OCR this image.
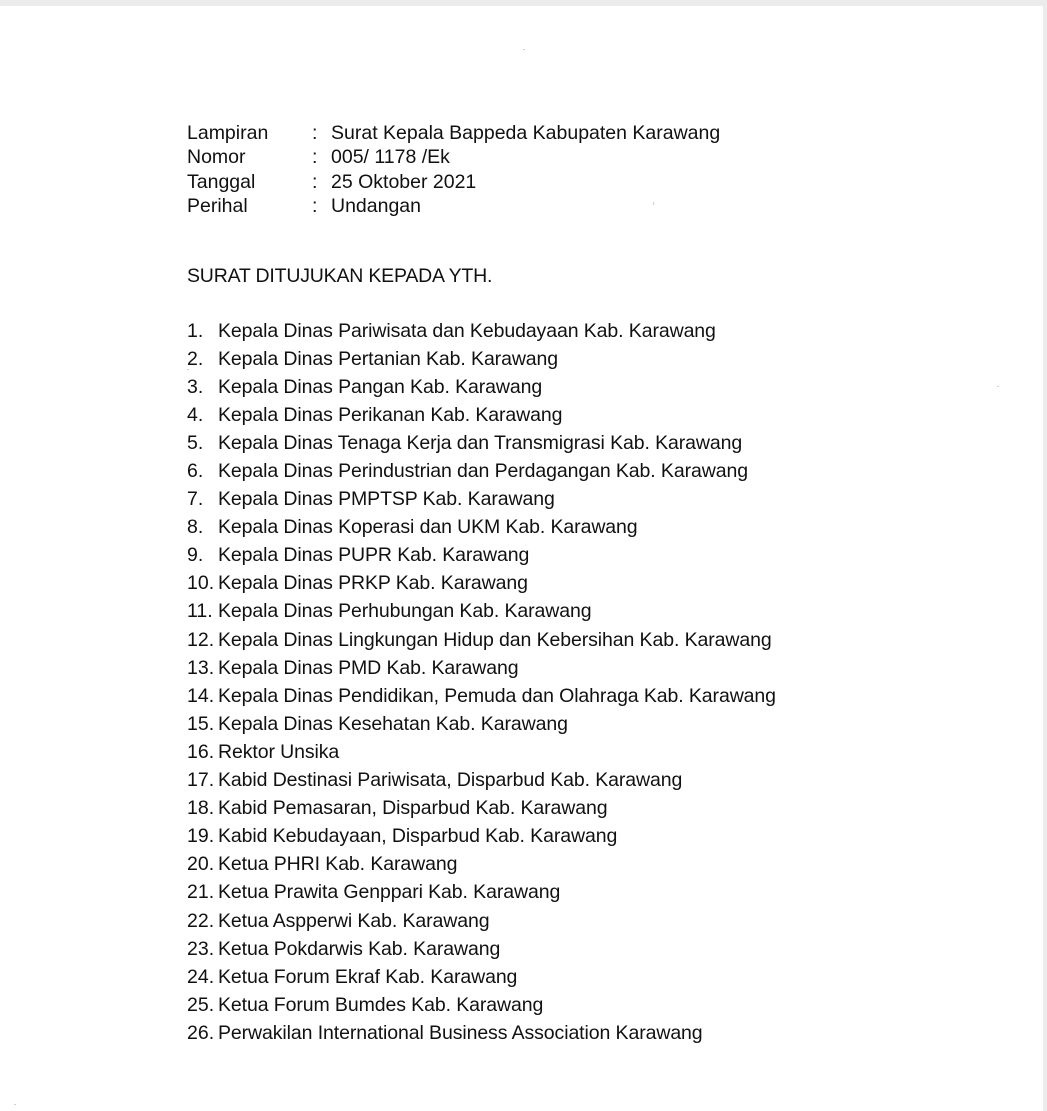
Lampiran	: Surat Kepala Bappeda Kabupaten Karawang
Nomor	: 005/ 1178 /Ek
Tanggal	: 25 Oktober 2021
Perihal	: Undangan
SURAT DITUJUKAN KEPADA YTH.
1. Kepala Dinas Pariwisata dan Kebudayaan Kab. Karawang
2. Kepala Dinas Pertanian Kab. Karawang
3. Kepala Dinas Pangan Kab. Karawang
4. Kepala Dinas Perikanan Kab. Karawang
5. Kepala Dinas Tenaga Kerja dan Transmigrasi Kab. Karawang
6. Kepala Dinas Perindustrian dan Perdagangan Kab. Karawang
7. Kepala Dinas PMPTSP Kab. Karawang
8. Kepala Dinas Koperasi dan UKM Kab. Karawang
9. Kepala Dinas PUPR Kab. Karawang
10. Kepala Dinas PRKP Kab. Karawang
11. Kepala Dinas Perhubungan Kab. Karawang
12. Kepala Dinas Lingkungan Hidup dan Kebersihan Kab. Karawang
13. Kepala Dinas PMD Kab. Karawang
14. Kepala Dinas Pendidikan, Pemuda dan Olahraga Kab. Karawang
15. Kepala Dinas Kesehatan Kab. Karawang
16. Rektor Unsika
17. Kabid Destinasi Pariwisata, Disparbud Kab. Karawang
18. Kabid Pemasaran, Disparbud Kab. Karawang
19. Kabid Kebudayaan, Disparbud Kab. Karawang
20. Ketua PHRI Kab. Karawang
21. Ketua Prawita Genppari Kab. Karawang
22. Ketua Aspperwi Kab. Karawang
23. Ketua Pokdarwis Kab. Karawang
24. Ketua Forum Ekraf Kab. Karawang
25. Ketua Forum Bumdes Kab. Karawang
26. Perwakilan International Business Association Karawang
